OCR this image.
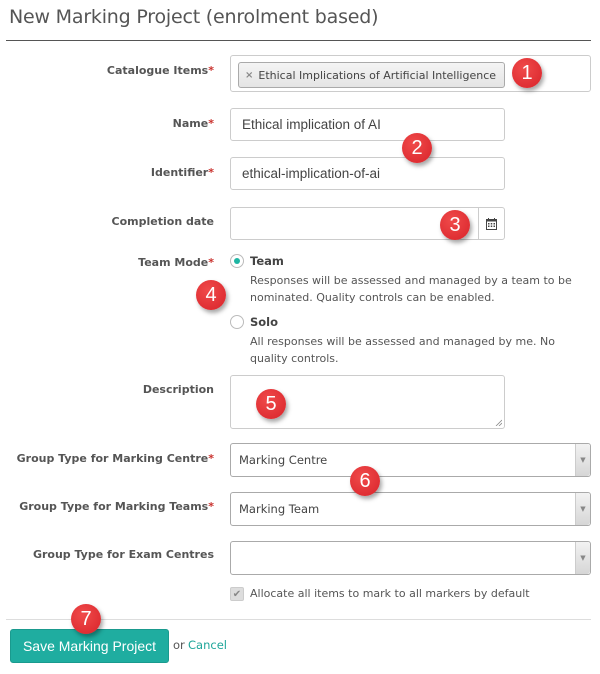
New Marking Project (enrolment based)
Catalogue Items*	× Ethical Implications of Artificial Intelligence
Name*	Ethical implication of AI
Identifier*	ethical-implication-of-ai
Completion date
Team Mode*	Team
Responses will be assessed and managed by a team to be nominated. Quality controls can be enabled.
Solo
All responses will be assessed and managed by me. No quality controls.
Description
Group Type for Marking Centre* Marking Centre	▼
Group Type for Marking Teams* Marking Team	▼
Group Type for Exam Centres	▼
✔ Allocate all items to mark to all markers by default
Save Marking Project	or Cancel
1
2
3
4
5
6
7
